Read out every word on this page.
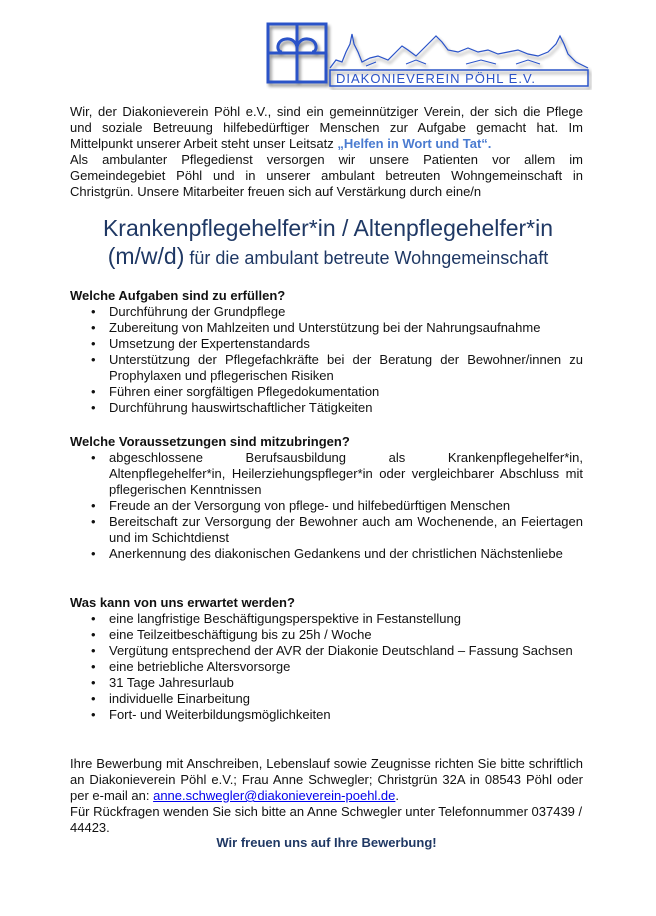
DIAKONIEVEREIN PÖHL E.V.

Wir, der Diakonieverein Pöhl e.V., sind ein gemeinnütziger Verein, der sich die Pflege und soziale Betreuung hilfebedürftiger Menschen zur Aufgabe gemacht hat. Im Mittelpunkt unserer Arbeit steht unser Leitsatz „Helfen in Wort und Tat“.

Als ambulanter Pflegedienst versorgen wir unsere Patienten vor allem im Gemeindegebiet Pöhl und in unserer ambulant betreuten Wohngemeinschaft in Christgrün. Unsere Mitarbeiter freuen sich auf Verstärkung durch eine/n

Krankenpflegehelfer*in / Altenpflegehelfer*in
(m/w/d) für die ambulant betreute Wohngemeinschaft
Welche Aufgaben sind zu erfüllen?
• Durchführung der Grundpflege
• Zubereitung von Mahlzeiten und Unterstützung bei der Nahrungsaufnahme
• Umsetzung der Expertenstandards
• Unterstützung der Pflegefachkräfte bei der Beratung der Bewohner/innen zu Prophylaxen und pflegerischen Risiken
• Führen einer sorgfältigen Pflegedokumentation
• Durchführung hauswirtschaftlicher Tätigkeiten
Welche Voraussetzungen sind mitzubringen?
• abgeschlossene Berufsausbildung als Krankenpflegehelfer*in, Altenpflegehelfer*in, Heilerziehungspfleger*in oder vergleichbarer Abschluss mit pflegerischen Kenntnissen
• Freude an der Versorgung von pflege- und hilfebedürftigen Menschen
• Bereitschaft zur Versorgung der Bewohner auch am Wochenende, an Feiertagen und im Schichtdienst
• Anerkennung des diakonischen Gedankens und der christlichen Nächstenliebe
Was kann von uns erwartet werden?
• eine langfristige Beschäftigungsperspektive in Festanstellung
• eine Teilzeitbeschäftigung bis zu 25h / Woche
• Vergütung entsprechend der AVR der Diakonie Deutschland – Fassung Sachsen
• eine betriebliche Altersvorsorge
• 31 Tage Jahresurlaub
• individuelle Einarbeitung
• Fort- und Weiterbildungsmöglichkeiten

Ihre Bewerbung mit Anschreiben, Lebenslauf sowie Zeugnisse richten Sie bitte schriftlich an Diakonieverein Pöhl e.V.; Frau Anne Schwegler; Christgrün 32A in 08543 Pöhl oder per e-mail an: anne.schwegler@diakonieverein-poehl.de.

Für Rückfragen wenden Sie sich bitte an Anne Schwegler unter Telefonnummer 037439 / 44423.

Wir freuen uns auf Ihre Bewerbung!
